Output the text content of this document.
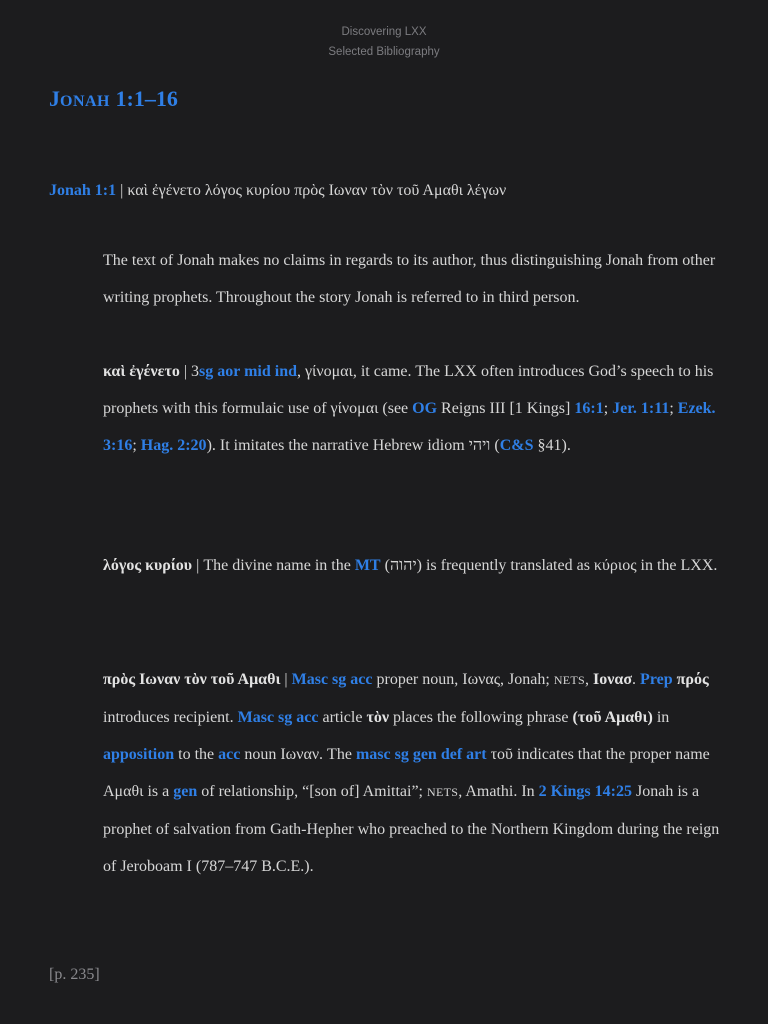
Discovering LXX
Selected Bibliography
JONAH 1:1–16
Jonah 1:1 | καὶ ἐγένετο λόγος κυρίου πρὸς Ιωναν τὸν τοῦ Αμαθι λέγων

The text of Jonah makes no claims in regards to its author, thus distinguishing Jonah from other writing prophets. Throughout the story Jonah is referred to in third person.

καὶ ἐγένετο | 3sg aor mid ind, γίνομαι, it came. The LXX often introduces God’s speech to his prophets with this formulaic use of γίνομαι (see OG Reigns III [1 Kings] 16:1; Jer. 1:11; Ezek. 3:16; Hag. 2:20). It imitates the narrative Hebrew idiom ויהי (C&S §41).

λόγος κυρίου | The divine name in the MT (יהוה) is frequently translated as κύριος in the LXX.

πρὸς Ιωναν τὸν τοῦ Αμαθι | Masc sg acc proper noun, Ιωνας, Jonah; NETS, Ιονασ. Prep πρός introduces recipient. Masc sg acc article τὸν places the following phrase (τοῦ Αμαθι) in apposition to the acc noun Ιωναν. The masc sg gen def art τοῦ indicates that the proper name Αμαθι is a gen of relationship, “[son of] Amittai”; NETS, Amathi. In 2 Kings 14:25 Jonah is a prophet of salvation from Gath-Hepher who preached to the Northern Kingdom during the reign of Jeroboam I (787–747 B.C.E.).

[p. 235]
